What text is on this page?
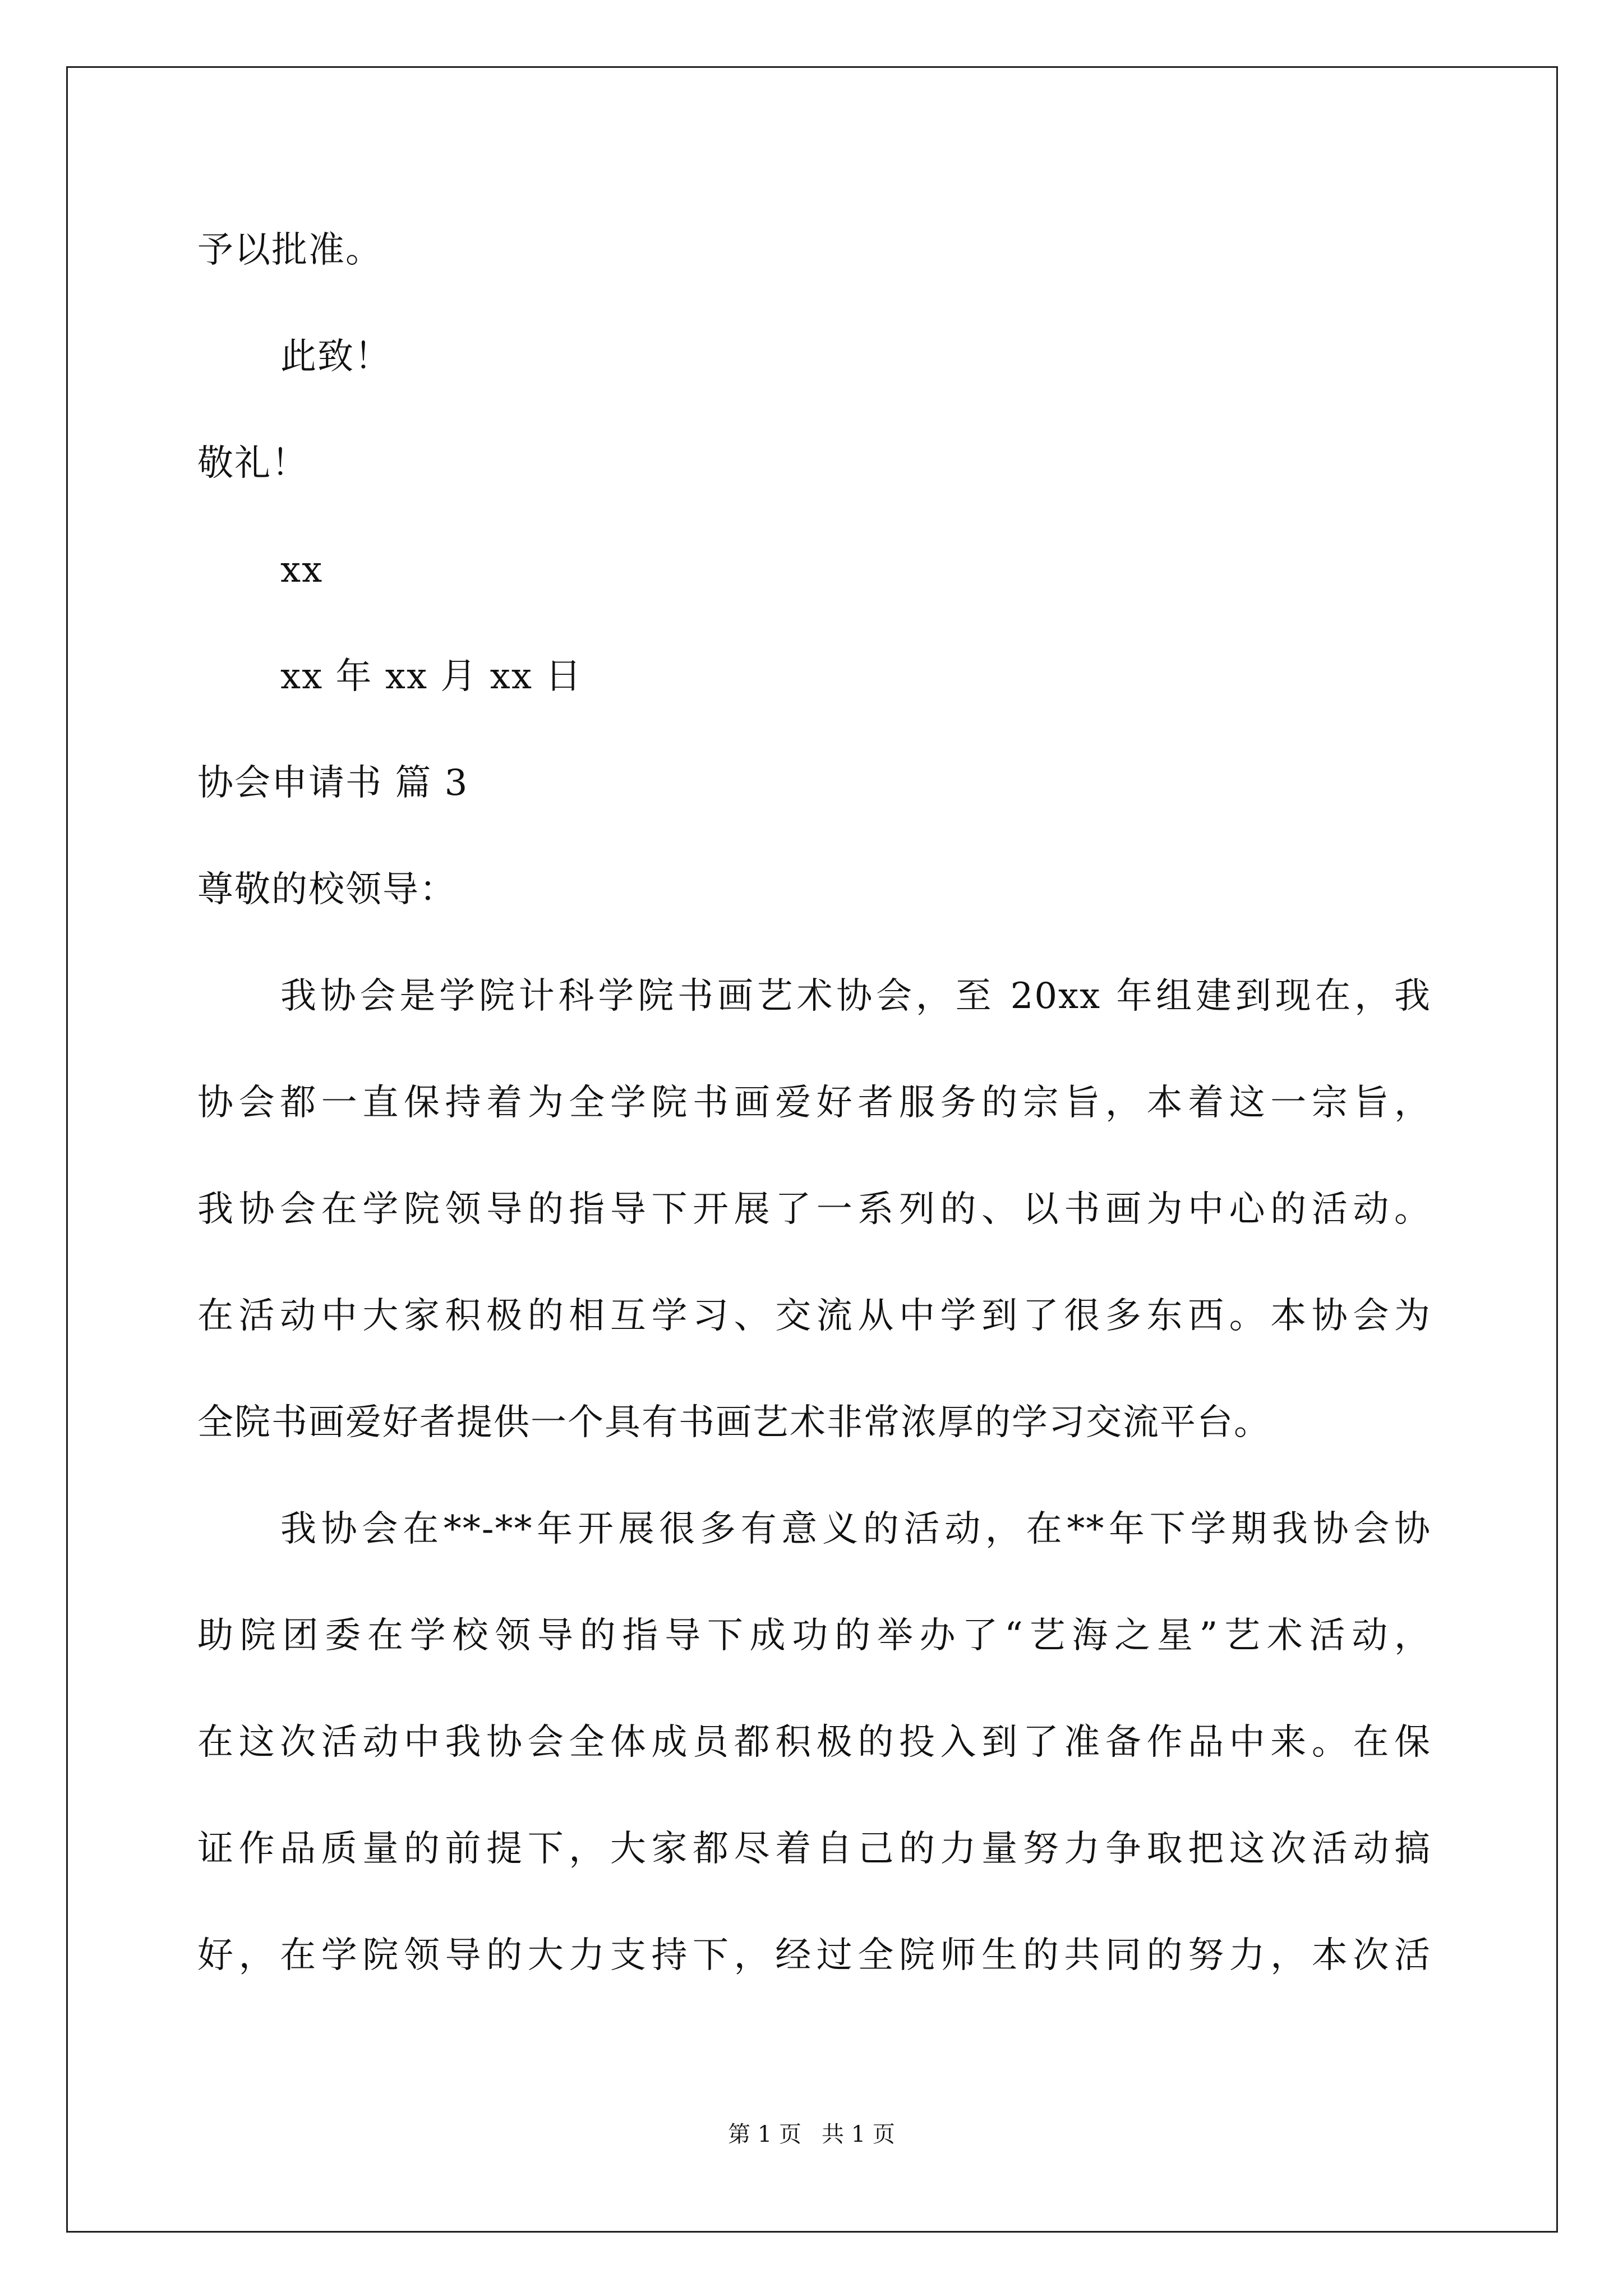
予以批准。
此致！
敬礼！
xx
xx 年 xx 月 xx 日
协会申请书 篇 3
尊敬的校领导：
我协会是学院计科学院书画艺术协会，至 20xx 年组建到现在，我
协会都一直保持着为全学院书画爱好者服务的宗旨，本着这一宗旨，
我协会在学院领导的指导下开展了一系列的、以书画为中心的活动。
在活动中大家积极的相互学习、交流从中学到了很多东西。本协会为
全院书画爱好者提供一个具有书画艺术非常浓厚的学习交流平台。
我协会在**-**年开展很多有意义的活动，在**年下学期我协会协
助院团委在学校领导的指导下成功的举办了“艺海之星”艺术活动，
在这次活动中我协会全体成员都积极的投入到了准备作品中来。在保
证作品质量的前提下，大家都尽着自己的力量努力争取把这次活动搞
好，在学院领导的大力支持下，经过全院师生的共同的努力，本次活
第 1 页 共 1 页
